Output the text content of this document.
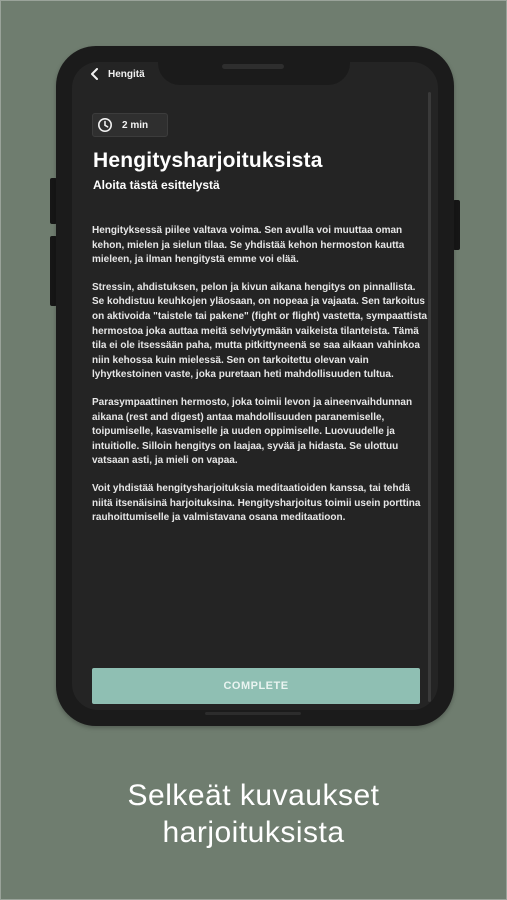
Hengitä
2 min
Hengitysharjoituksista
Aloita tästä esittelystä

Hengityksessä piilee valtava voima. Sen avulla voi muuttaa oman kehon, mielen ja sielun tilaa. Se yhdistää kehon hermoston kautta mieleen, ja ilman hengitystä emme voi elää.

Stressin, ahdistuksen, pelon ja kivun aikana hengitys on pinnallista. Se kohdistuu keuhkojen yläosaan, on nopeaa ja vajaata. Sen tarkoitus on aktivoida "taistele tai pakene" (fight or flight) vastetta, sympaattista hermostoa joka auttaa meitä selviytymään vaikeista tilanteista. Tämä tila ei ole itsessään paha, mutta pitkittyneenä se saa aikaan vahinkoa niin kehossa kuin mielessä. Sen on tarkoitettu olevan vain lyhytkestoinen vaste, joka puretaan heti mahdollisuuden tultua.

Parasympaattinen hermosto, joka toimii levon ja aineenvaihdunnan aikana (rest and digest) antaa mahdollisuuden paranemiselle, toipumiselle, kasvamiselle ja uuden oppimiselle. Luovuudelle ja intuitiolle. Silloin hengitys on laajaa, syvää ja hidasta. Se ulottuu vatsaan asti, ja mieli on vapaa.

Voit yhdistää hengitysharjoituksia meditaatioiden kanssa, tai tehdä niitä itsenäisinä harjoituksina. Hengitysharjoitus toimii usein porttina rauhoittumiselle ja valmistavana osana meditaatioon.

COMPLETE
Selkeät kuvaukset
harjoituksista
